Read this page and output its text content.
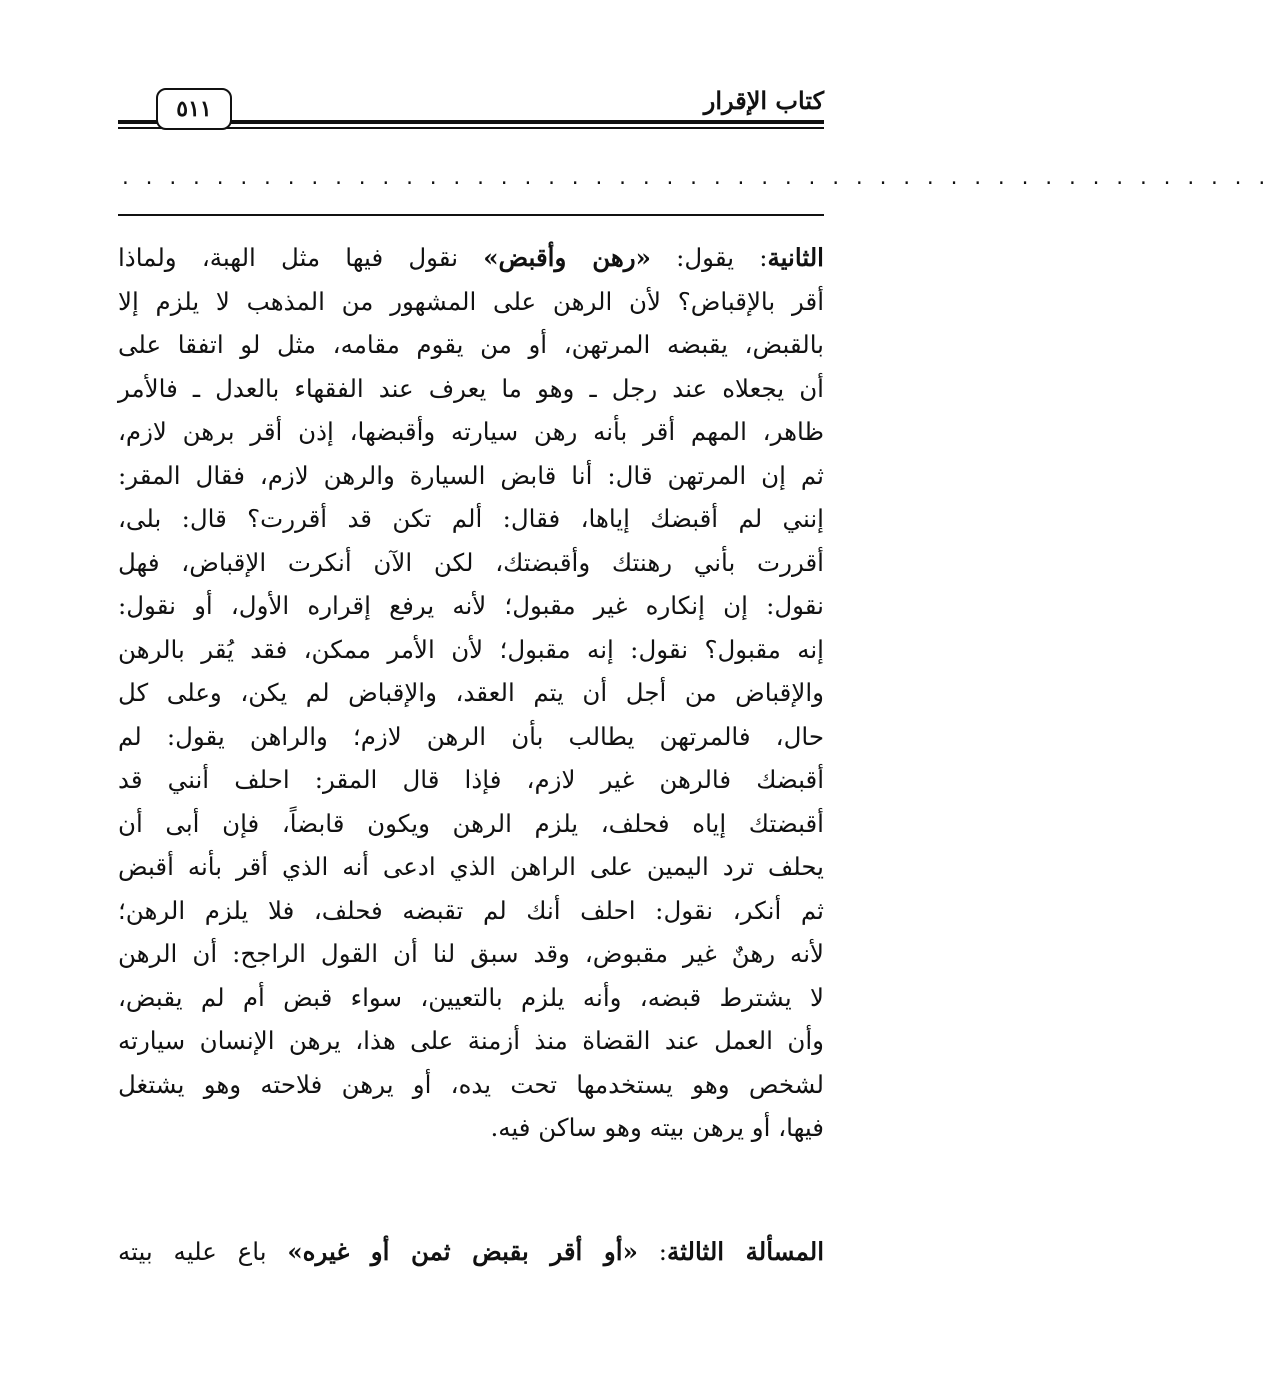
كتاب الإقرار
٥١١
. . . . . . . . . . . . . . . . . . . . . . . . . . . . . . . . . . . . . . . . . . . . . . . . .
الثانية: يقول: «رهن وأقبض» نقول فيها مثل الهبة، ولماذا
أقر بالإقباض؟ لأن الرهن على المشهور من المذهب لا يلزم إلا
بالقبض، يقبضه المرتهن، أو من يقوم مقامه، مثل لو اتفقا على
أن يجعلاه عند رجل ـ وهو ما يعرف عند الفقهاء بالعدل ـ فالأمر
ظاهر، المهم أقر بأنه رهن سيارته وأقبضها، إذن أقر برهن لازم،
ثم إن المرتهن قال: أنا قابض السيارة والرهن لازم، فقال المقر:
إنني لم أقبضك إياها، فقال: ألم تكن قد أقررت؟ قال: بلى،
أقررت بأني رهنتك وأقبضتك، لكن الآن أنكرت الإقباض، فهل
نقول: إن إنكاره غير مقبول؛ لأنه يرفع إقراره الأول، أو نقول:
إنه مقبول؟ نقول: إنه مقبول؛ لأن الأمر ممكن، فقد يُقر بالرهن
والإقباض من أجل أن يتم العقد، والإقباض لم يكن، وعلى كل
حال، فالمرتهن يطالب بأن الرهن لازم؛ والراهن يقول: لم
أقبضك فالرهن غير لازم، فإذا قال المقر: احلف أنني قد
أقبضتك إياه فحلف، يلزم الرهن ويكون قابضاً، فإن أبى أن
يحلف ترد اليمين على الراهن الذي ادعى أنه الذي أقر بأنه أقبض
ثم أنكر، نقول: احلف أنك لم تقبضه فحلف، فلا يلزم الرهن؛
لأنه رهنٌ غير مقبوض، وقد سبق لنا أن القول الراجح: أن الرهن
لا يشترط قبضه، وأنه يلزم بالتعيين، سواء قبض أم لم يقبض،
وأن العمل عند القضاة منذ أزمنة على هذا، يرهن الإنسان سيارته
لشخص وهو يستخدمها تحت يده، أو يرهن فلاحته وهو يشتغل
فيها، أو يرهن بيته وهو ساكن فيه.
المسألة الثالثة: «أو أقر بقبض ثمن أو غيره» باع عليه بيته
